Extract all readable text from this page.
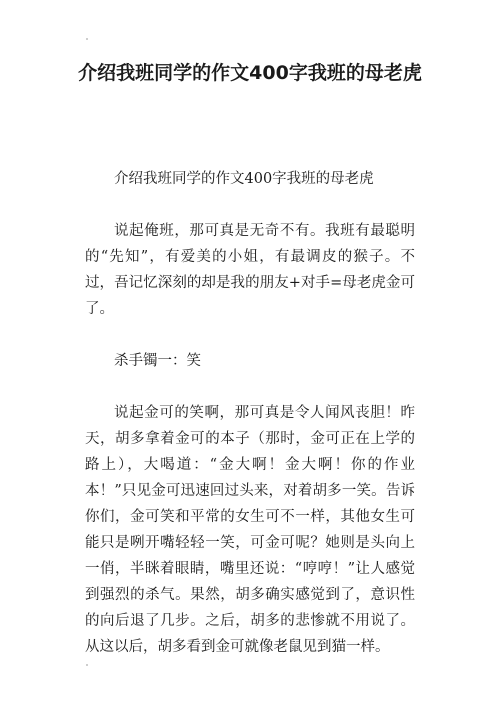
介绍我班同学的作文400字我班的母老虎

介绍我班同学的作文400字我班的母老虎

说起俺班，那可真是无奇不有。我班有最聪明的“先知”，有爱美的小姐，有最调皮的猴子。不过，吾记忆深刻的却是我的朋友+对手=母老虎金可了。

杀手镯一：笑

说起金可的笑啊，那可真是令人闻风丧胆！昨天，胡多拿着金可的本子（那时，金可正在上学的路上），大喝道：“金大啊！金大啊！你的作业本！”只见金可迅速回过头来，对着胡多一笑。告诉你们，金可笑和平常的女生可不一样，其他女生可能只是咧开嘴轻轻一笑，可金可呢？她则是头向上一俏，半眯着眼睛，嘴里还说：“哼哼！”让人感觉到强烈的杀气。果然，胡多确实感觉到了，意识性的向后退了几步。之后，胡多的悲惨就不用说了。从这以后，胡多看到金可就像老鼠见到猫一样。
